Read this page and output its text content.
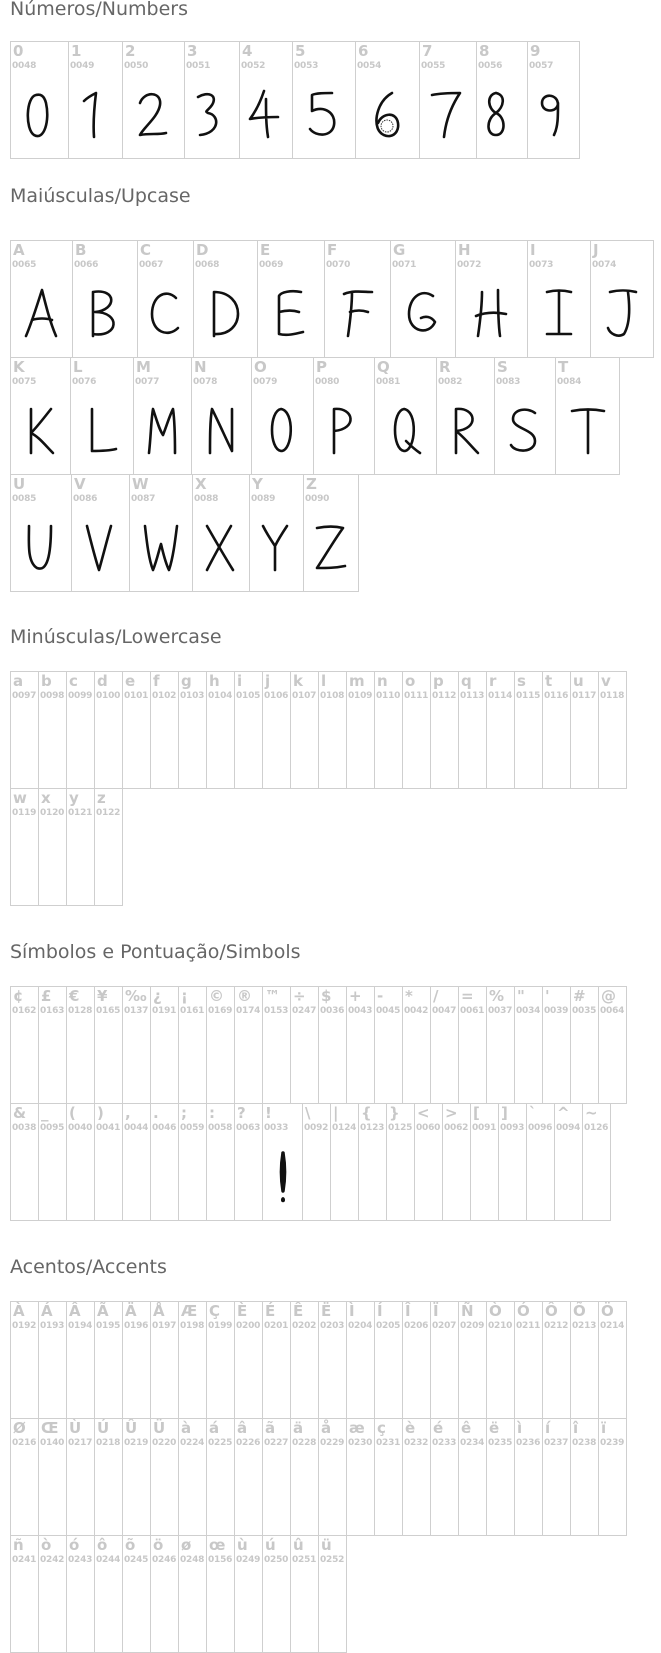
Números/Numbers
Maiúsculas/Upcase
Minúsculas/Lowercase
Símbolos e Pontuação/Simbols
Acentos/Accents
0
0048
1
0049
2
0050
3
0051
4
0052
5
0053
6
0054
7
0055
8
0056
9
0057
A
0065
B
0066
C
0067
D
0068
E
0069
F
0070
G
0071
H
0072
I
0073
J
0074
K
0075
L
0076
M
0077
N
0078
O
0079
P
0080
Q
0081
R
0082
S
0083
T
0084
U
0085
V
0086
W
0087
X
0088
Y
0089
Z
0090
a
0097
b
0098
c
0099
d
0100
e
0101
f
0102
g
0103
h
0104
i
0105
j
0106
k
0107
l
0108
m
0109
n
0110
o
0111
p
0112
q
0113
r
0114
s
0115
t
0116
u
0117
v
0118
w
0119
x
0120
y
0121
z
0122
¢
0162
£
0163
€
0128
¥
0165
‰
0137
¿
0191
¡
0161
©
0169
®
0174
™
0153
÷
0247
$
0036
+
0043
-
0045
*
0042
/
0047
=
0061
%
0037
"
0034
'
0039
#
0035
@
0064
&
0038
_
0095
(
0040
)
0041
,
0044
.
0046
;
0059
:
0058
?
0063
!
0033
\
0092
|
0124
{
0123
}
0125
<
0060
>
0062
[
0091
]
0093
`
0096
^
0094
~
0126
À
0192
Á
0193
Â
0194
Ã
0195
Ä
0196
Å
0197
Æ
0198
Ç
0199
È
0200
É
0201
Ê
0202
Ë
0203
Ì
0204
Í
0205
Î
0206
Ï
0207
Ñ
0209
Ò
0210
Ó
0211
Ô
0212
Õ
0213
Ö
0214
Ø
0216
Œ
0140
Ù
0217
Ú
0218
Û
0219
Ü
0220
à
0224
á
0225
â
0226
ã
0227
ä
0228
å
0229
æ
0230
ç
0231
è
0232
é
0233
ê
0234
ë
0235
ì
0236
í
0237
î
0238
ï
0239
ñ
0241
ò
0242
ó
0243
ô
0244
õ
0245
ö
0246
ø
0248
œ
0156
ù
0249
ú
0250
û
0251
ü
0252
